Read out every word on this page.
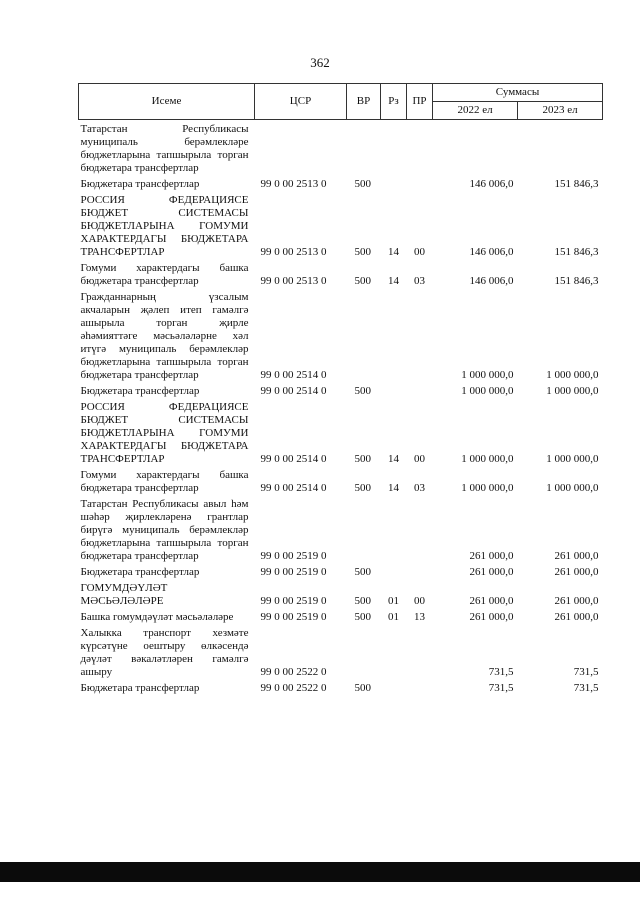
362
Исеме	ЦСР	ВР	Рз	ПР	Суммасы	
					2022 ел	2023 ел
Татарстан Республикасы муниципаль берәмлекләре бюджетларына тапшырыла торган бюджетара трансфертлар						
Бюджетара трансфертлар	99 0 00 2513 0	500			146 006,0	151 846,3
РОССИЯ ФЕДЕРАЦИЯСЕ БЮДЖЕТ СИСТЕМАСЫ БЮДЖЕТЛАРЫНА ГОМУМИ ХАРАКТЕРДАГЫ БЮДЖЕТАРА ТРАНСФЕРТЛАР	99 0 00 2513 0	500	14	00	146 006,0	151 846,3
Гомуми характердагы башка бюджетара трансфертлар	99 0 00 2513 0	500	14	03	146 006,0	151 846,3
Гражданнарның үзсалым акчаларын җәлеп итеп гамәлгә ашырыла торган җирле әһәмияттәге мәсьәләләрне хәл итүгә муниципаль берәмлекләр бюджетларына тапшырыла торган бюджетара трансфертлар	99 0 00 2514 0				1 000 000,0	1 000 000,0
Бюджетара трансфертлар	99 0 00 2514 0	500			1 000 000,0	1 000 000,0
РОССИЯ ФЕДЕРАЦИЯСЕ БЮДЖЕТ СИСТЕМАСЫ БЮДЖЕТЛАРЫНА ГОМУМИ ХАРАКТЕРДАГЫ БЮДЖЕТАРА ТРАНСФЕРТЛАР	99 0 00 2514 0	500	14	00	1 000 000,0	1 000 000,0
Гомуми характердагы башка бюджетара трансфертлар	99 0 00 2514 0	500	14	03	1 000 000,0	1 000 000,0
Татарстан Республикасы авыл һәм шәһәр җирлекләренә грантлар бирүгә муниципаль берәмлекләр бюджетларына тапшырыла торган бюджетара трансфертлар	99 0 00 2519 0				261 000,0	261 000,0
Бюджетара трансфертлар	99 0 00 2519 0	500			261 000,0	261 000,0
ГОМУМДӘҮЛӘТ МӘСЬӘЛӘЛӘРЕ	99 0 00 2519 0	500	01	00	261 000,0	261 000,0
Башка гомумдәүләт мәсьәләләре	99 0 00 2519 0	500	01	13	261 000,0	261 000,0
Халыкка транспорт хезмәте күрсәтүне оештыру өлкәсендә дәүләт вәкаләтләрен гамәлгә ашыру	99 0 00 2522 0				731,5	731,5
Бюджетара трансфертлар	99 0 00 2522 0	500			731,5	731,5
